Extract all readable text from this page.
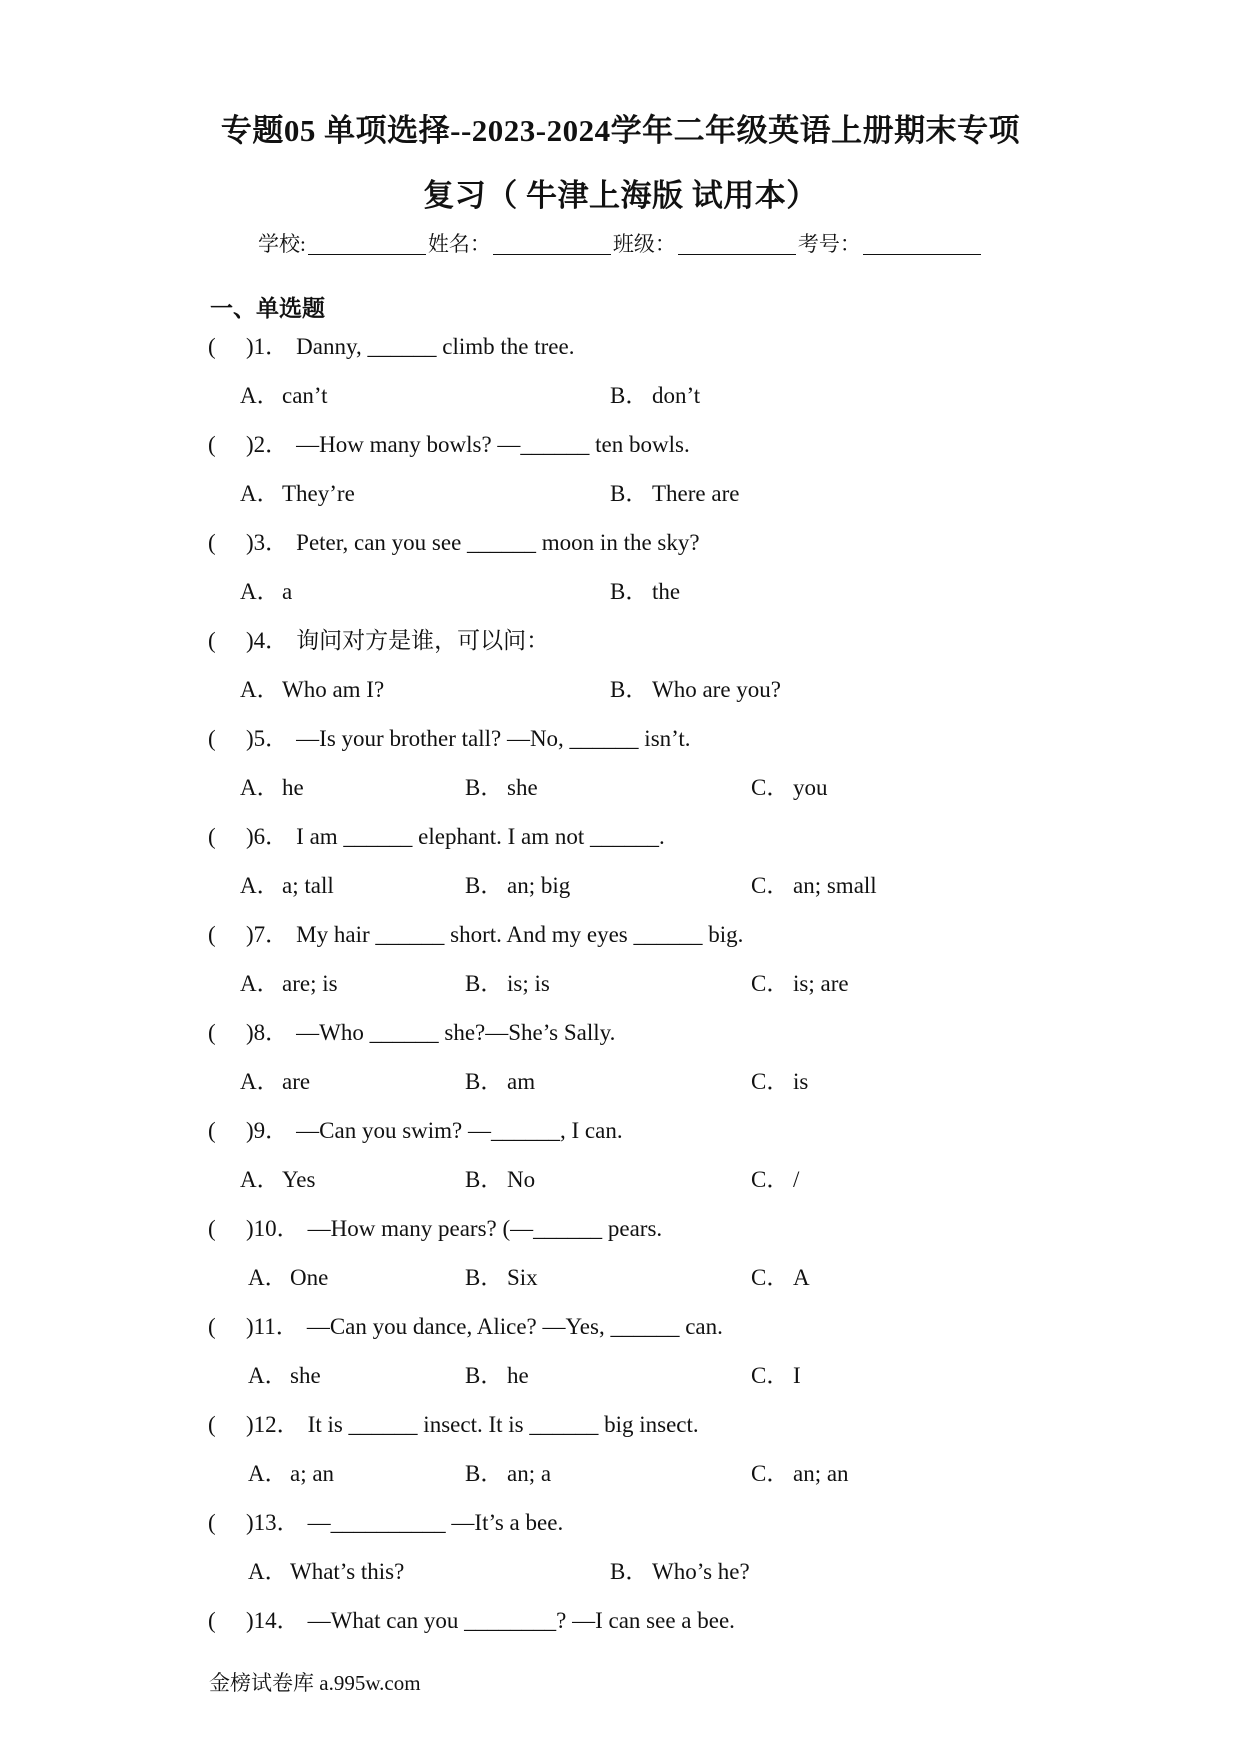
专题05 单项选择--2023-2024学年二年级英语上册期末专项
复习（ 牛津上海版 试用本）
学校:	姓名：	班级：	考号：
一、单选题
(	)1． Danny, ______ climb the tree.
A． can’t	B． don’t
(	)2． —How many bowls? —______ ten bowls.
A． They’re	B． There are
(	)3． Peter, can you see ______ moon in the sky?
A． a	B． the
(	)4． 询问对方是谁，可以问：
A． Who am I?	B． Who are you?
(	)5． —Is your brother tall? —No, ______ isn’t.
A． he	B． she	C． you
(	)6． I am ______ elephant. I am not ______.
A． a; tall	B． an; big	C． an; small
(	)7． My hair ______ short. And my eyes ______ big.
A． are; is	B． is; is	C． is; are
(	)8． —Who ______ she?—She’s Sally.
A． are	B． am	C． is
(	)9． —Can you swim? —______, I can.
A． Yes	B． No	C． /
(	)10． —How many pears? (—______ pears.
A． One	B． Six	C． A
(	)11． —Can you dance, Alice? —Yes, ______ can.
A． she	B． he	C． I
(	)12． It is ______ insect. It is ______ big insect.
A． a; an	B． an; a	C． an; an
(	)13． —__________ —It’s a bee.
A． What’s this?	B． Who’s he?
(	)14． —What can you ________? —I can see a bee.
金榜试卷库 a.995w.com
